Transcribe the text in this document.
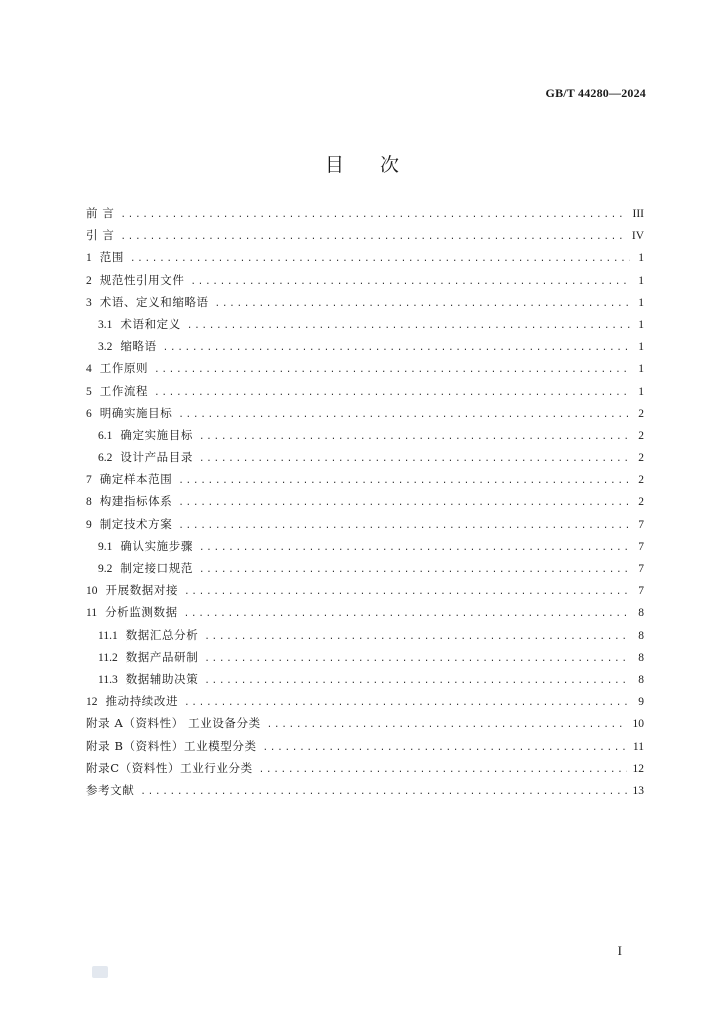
GB/T 44280—2024
目次
前 言 .....	III
引 言 .....	IV
1 范围 .....	1
2 规范性引用文件 .....	1
3 术语、定义和缩略语 .....	1
3.1 术语和定义 .....	1
3.2 缩略语 .....	1
4 工作原则 .....	1
5 工作流程 .....	1
6 明确实施目标 .....	2
6.1 确定实施目标 .....	2
6.2 设计产品目录 .....	2
7 确定样本范围 .....	2
8 构建指标体系 .....	2
9 制定技术方案 .....	7
9.1 确认实施步骤 .....	7
9.2 制定接口规范 .....	7
10 开展数据对接 .....	7
11 分析监测数据 .....	8
11.1 数据汇总分析 .....	8
11.2 数据产品研制 .....	8
11.3 数据辅助决策 .....	8
12 推动持续改进 .....	9
附录 A（资料性） 工业设备分类 .....	10
附录 B（资料性）工业模型分类 .....	11
附录C（资料性）工业行业分类 .....	12
参考文献 .....	13
I
